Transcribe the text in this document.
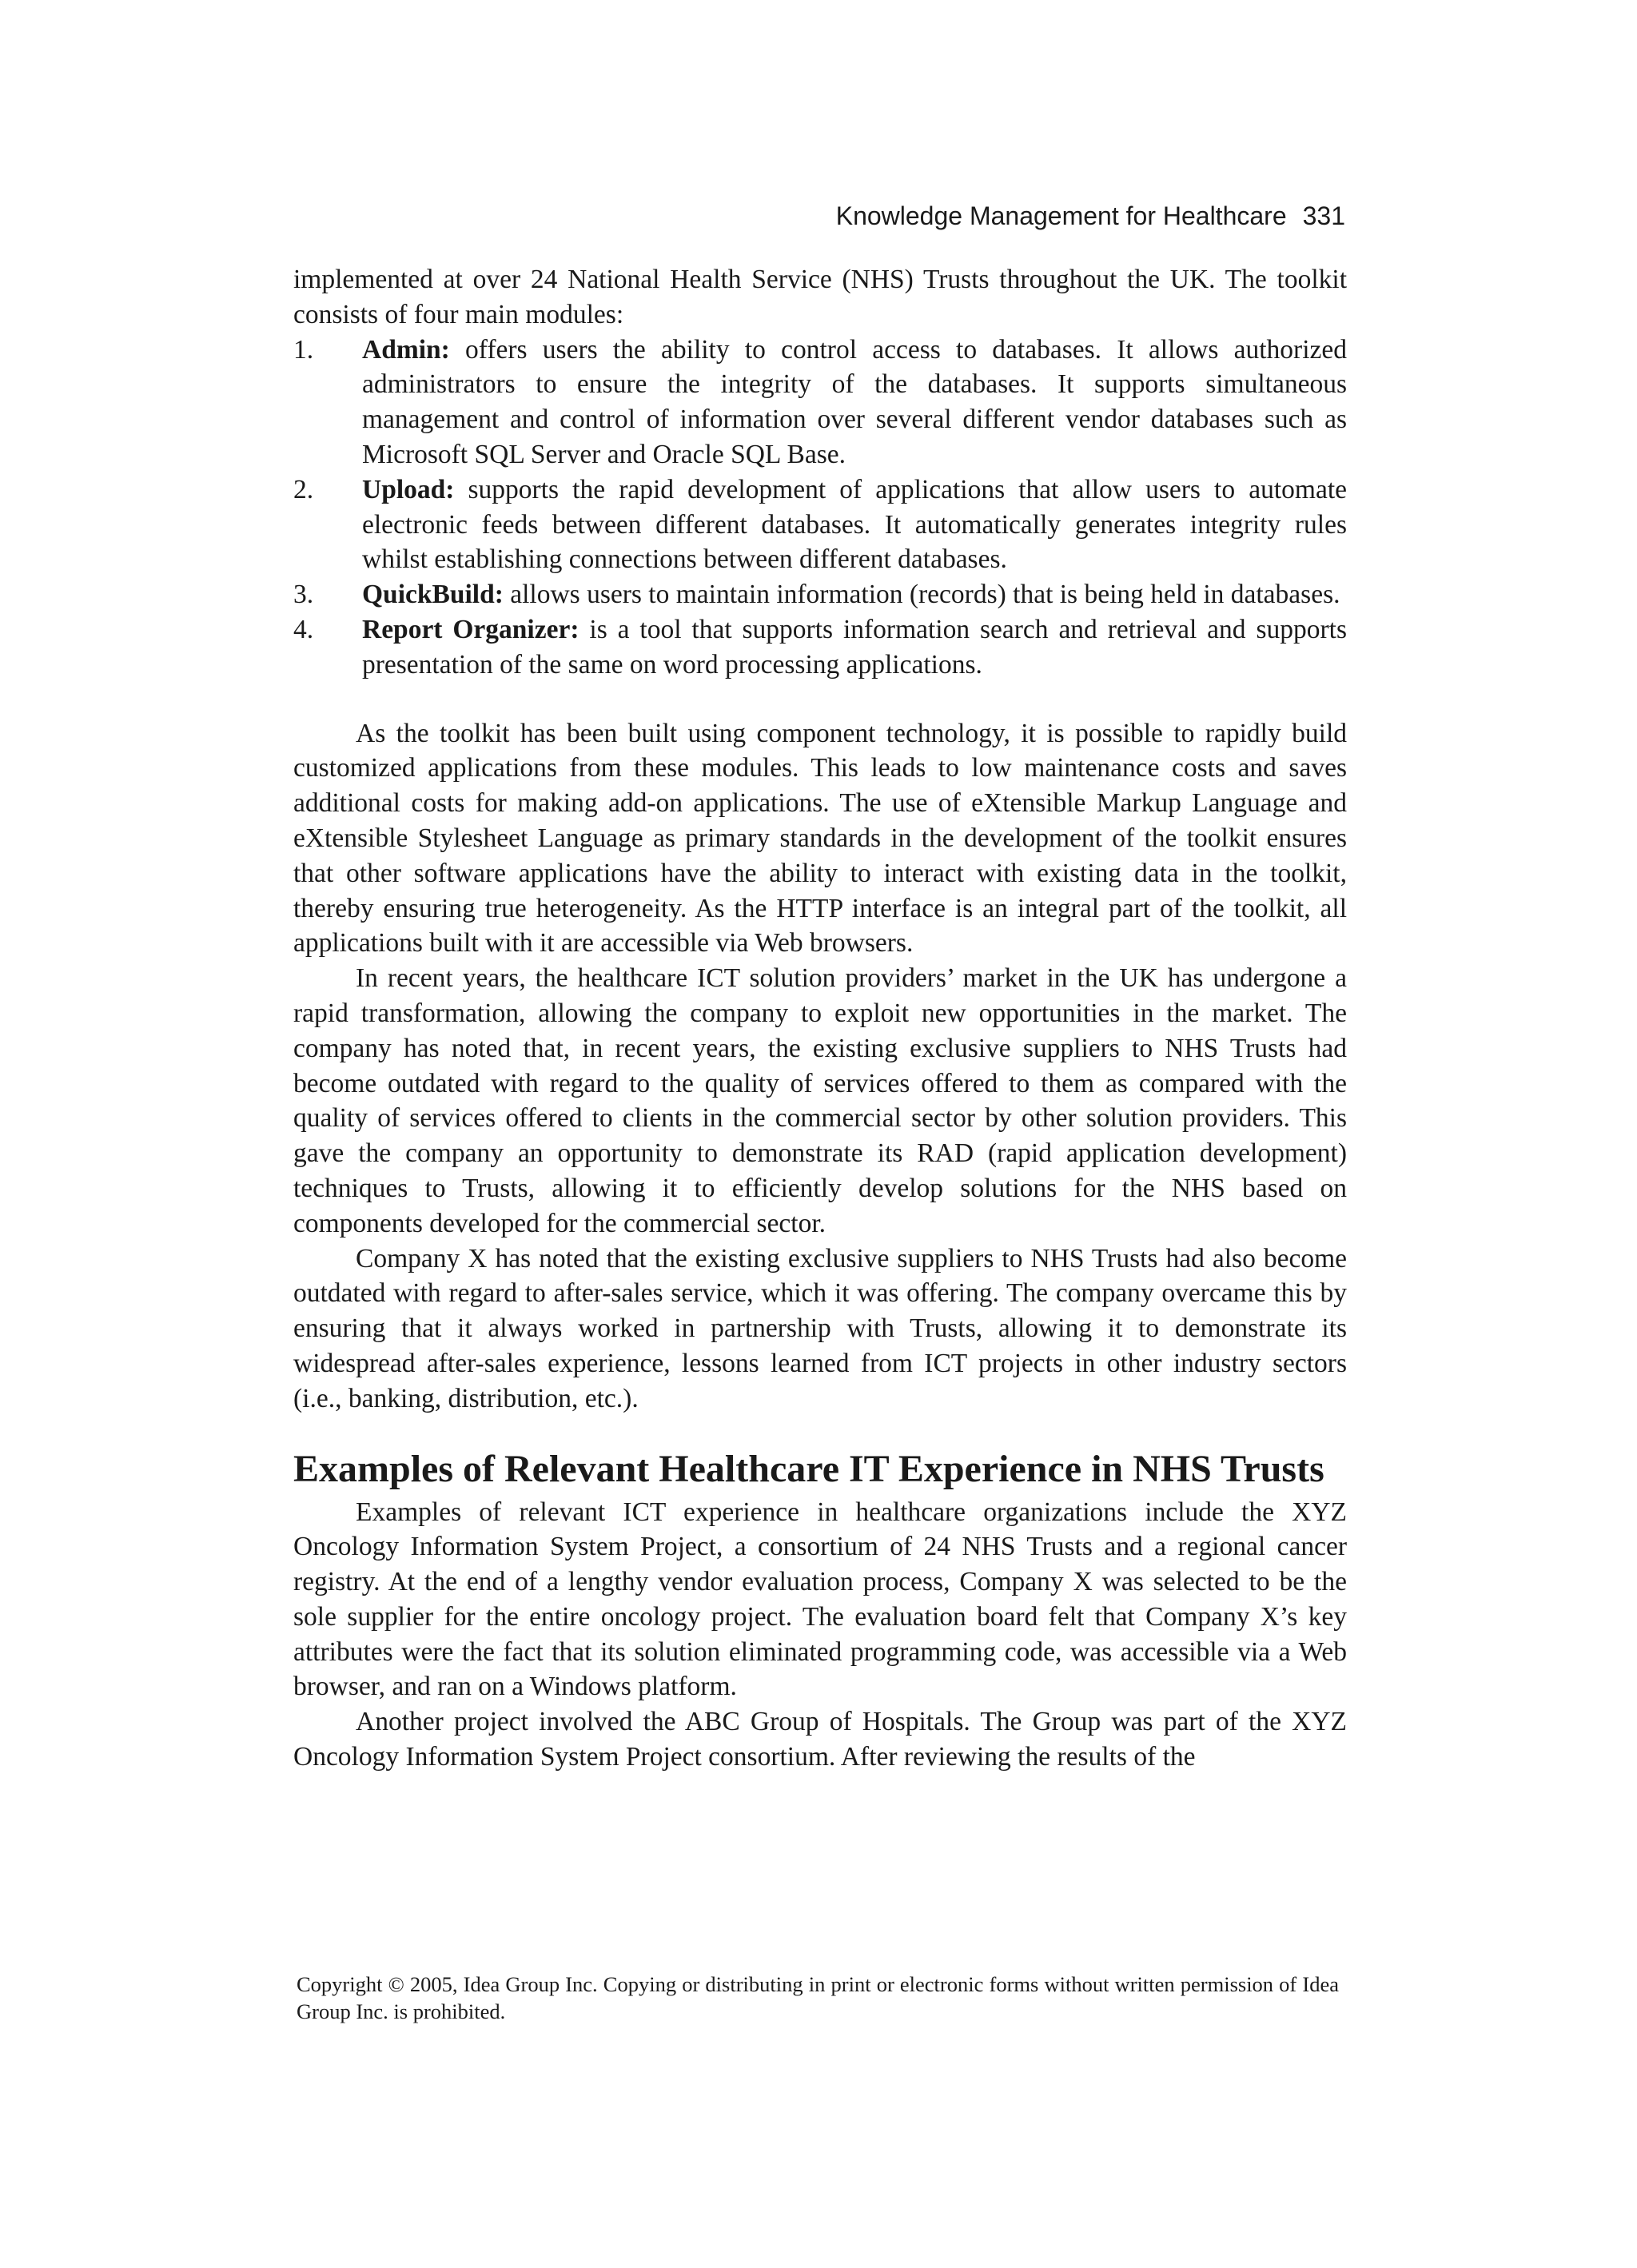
Knowledge Management for Healthcare 331

implemented at over 24 National Health Service (NHS) Trusts throughout the UK. The toolkit consists of four main modules:

1.	Admin: offers users the ability to control access to databases. It allows authorized administrators to ensure the integrity of the databases. It supports simultaneous management and control of information over several different vendor databases such as Microsoft SQL Server and Oracle SQL Base.
2.	Upload: supports the rapid development of applications that allow users to automate electronic feeds between different databases. It automatically generates integrity rules whilst establishing connections between different databases.
3.	QuickBuild: allows users to maintain information (records) that is being held in databases.
4.	Report Organizer: is a tool that supports information search and retrieval and supports presentation of the same on word processing applications.

As the toolkit has been built using component technology, it is possible to rapidly build customized applications from these modules. This leads to low maintenance costs and saves additional costs for making add-on applications. The use of eXtensible Markup Language and eXtensible Stylesheet Language as primary standards in the development of the toolkit ensures that other software applications have the ability to interact with existing data in the toolkit, thereby ensuring true heterogeneity. As the HTTP interface is an integral part of the toolkit, all applications built with it are accessible via Web browsers.

In recent years, the healthcare ICT solution providers’ market in the UK has undergone a rapid transformation, allowing the company to exploit new opportunities in the market. The company has noted that, in recent years, the existing exclusive suppliers to NHS Trusts had become outdated with regard to the quality of services offered to them as compared with the quality of services offered to clients in the commercial sector by other solution providers. This gave the company an opportunity to demonstrate its RAD (rapid application development) techniques to Trusts, allowing it to efficiently develop solutions for the NHS based on components developed for the commercial sector.

Company X has noted that the existing exclusive suppliers to NHS Trusts had also become outdated with regard to after-sales service, which it was offering. The company overcame this by ensuring that it always worked in partnership with Trusts, allowing it to demonstrate its widespread after-sales experience, lessons learned from ICT projects in other industry sectors (i.e., banking, distribution, etc.).

Examples of Relevant Healthcare IT Experience in NHS Trusts

Examples of relevant ICT experience in healthcare organizations include the XYZ Oncology Information System Project, a consortium of 24 NHS Trusts and a regional cancer registry. At the end of a lengthy vendor evaluation process, Company X was selected to be the sole supplier for the entire oncology project. The evaluation board felt that Company X’s key attributes were the fact that its solution eliminated programming code, was accessible via a Web browser, and ran on a Windows platform.

Another project involved the ABC Group of Hospitals. The Group was part of the XYZ Oncology Information System Project consortium. After reviewing the results of the

Copyright © 2005, Idea Group Inc. Copying or distributing in print or electronic forms without written permission of Idea Group Inc. is prohibited.
